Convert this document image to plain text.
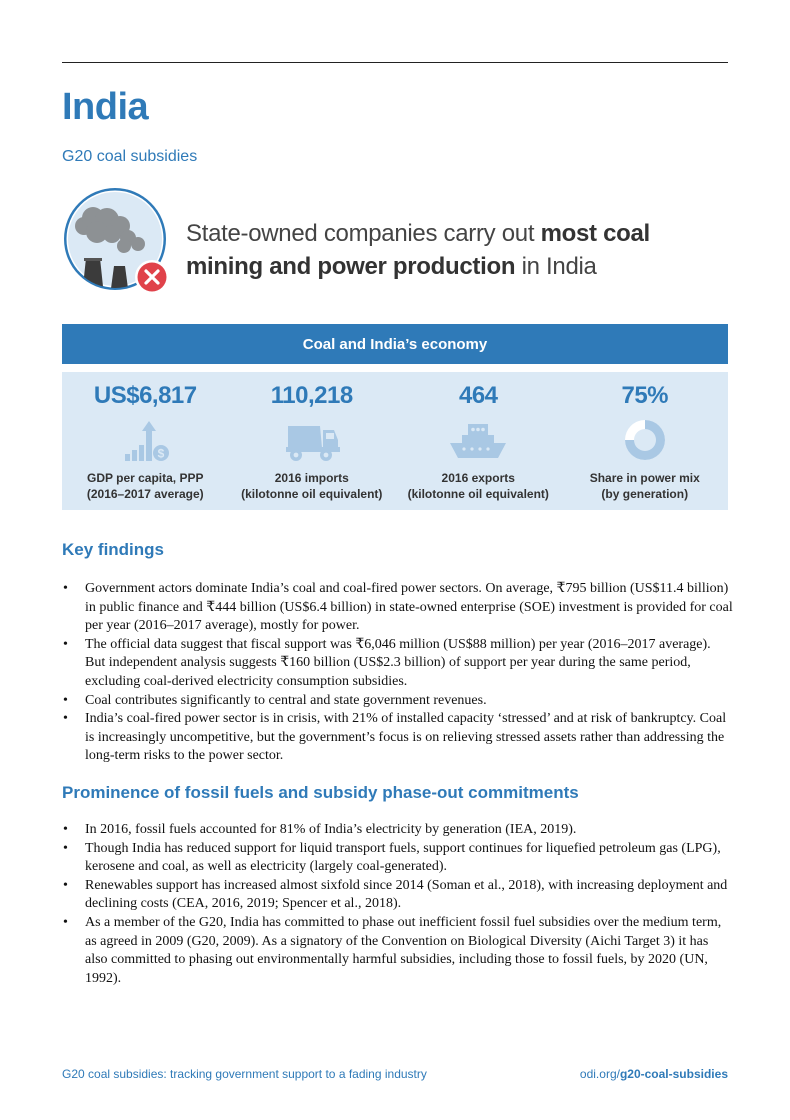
India
G20 coal subsidies
State-owned companies carry out most coal mining and power production in India
Coal and India’s economy
US$6,817
$
GDP per capita, PPP
(2016–2017 average)
110,218
2016 imports
(kilotonne oil equivalent)
464
2016 exports
(kilotonne oil equivalent)
75%
Share in power mix
(by generation)
Key findings
• Government actors dominate India’s coal and coal-fired power sectors. On average, ₹795 billion (US$11.4 billion) in public finance and ₹444 billion (US$6.4 billion) in state-owned enterprise (SOE) investment is provided for coal per year (2016–2017 average), mostly for power.
• The official data suggest that fiscal support was ₹6,046 million (US$88 million) per year (2016–2017 average). But independent analysis suggests ₹160 billion (US$2.3 billion) of support per year during the same period, excluding coal-derived electricity consumption subsidies.
• Coal contributes significantly to central and state government revenues.
• India’s coal-fired power sector is in crisis, with 21% of installed capacity ‘stressed’ and at risk of bankruptcy. Coal is increasingly uncompetitive, but the government’s focus is on relieving stressed assets rather than addressing the long-term risks to the power sector.
Prominence of fossil fuels and subsidy phase-out commitments
• In 2016, fossil fuels accounted for 81% of India’s electricity by generation (IEA, 2019).
• Though India has reduced support for liquid transport fuels, support continues for liquefied petroleum gas (LPG), kerosene and coal, as well as electricity (largely coal-generated).
• Renewables support has increased almost sixfold since 2014 (Soman et al., 2018), with increasing deployment and declining costs (CEA, 2016, 2019; Spencer et al., 2018).
• As a member of the G20, India has committed to phase out inefficient fossil fuel subsidies over the medium term, as agreed in 2009 (G20, 2009). As a signatory of the Convention on Biological Diversity (Aichi Target 3) it has also committed to phasing out environmentally harmful subsidies, including those to fossil fuels, by 2020 (UN, 1992).
G20 coal subsidies: tracking government support to a fading industry	odi.org/g20-coal-subsidies
